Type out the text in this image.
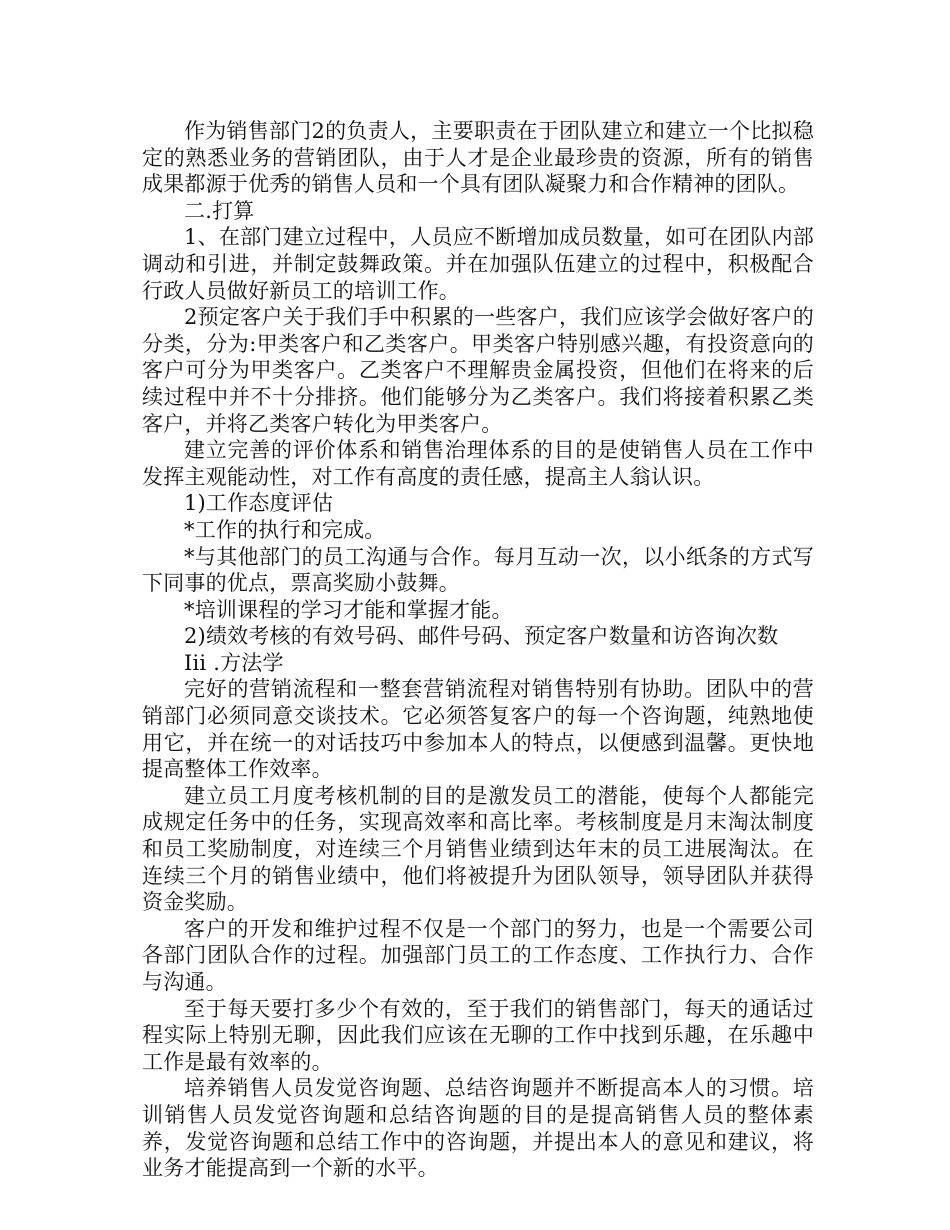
作为销售部门2的负责人，主要职责在于团队建立和建立一个比拟稳定的熟悉业务的营销团队，由于人才是企业最珍贵的资源，所有的销售成果都源于优秀的销售人员和一个具有团队凝聚力和合作精神的团队。

二.打算

1、在部门建立过程中，人员应不断增加成员数量，如可在团队内部调动和引进，并制定鼓舞政策。并在加强队伍建立的过程中，积极配合行政人员做好新员工的培训工作。

2预定客户关于我们手中积累的一些客户，我们应该学会做好客户的分类，分为:甲类客户和乙类客户。甲类客户特别感兴趣，有投资意向的客户可分为甲类客户。乙类客户不理解贵金属投资，但他们在将来的后续过程中并不十分排挤。他们能够分为乙类客户。我们将接着积累乙类客户，并将乙类客户转化为甲类客户。

建立完善的评价体系和销售治理体系的目的是使销售人员在工作中发挥主观能动性，对工作有高度的责任感，提高主人翁认识。

1)工作态度评估

*工作的执行和完成。

*与其他部门的员工沟通与合作。每月互动一次，以小纸条的方式写下同事的优点，票高奖励小鼓舞。

*培训课程的学习才能和掌握才能。

2)绩效考核的有效号码、邮件号码、预定客户数量和访咨询次数

Iii .方法学

完好的营销流程和一整套营销流程对销售特别有协助。团队中的营销部门必须同意交谈技术。它必须答复客户的每一个咨询题，纯熟地使用它，并在统一的对话技巧中参加本人的特点，以便感到温馨。更快地提高整体工作效率。

建立员工月度考核机制的目的是激发员工的潜能，使每个人都能完成规定任务中的任务，实现高效率和高比率。考核制度是月末淘汰制度和员工奖励制度，对连续三个月销售业绩到达年末的员工进展淘汰。在连续三个月的销售业绩中，他们将被提升为团队领导，领导团队并获得资金奖励。

客户的开发和维护过程不仅是一个部门的努力，也是一个需要公司各部门团队合作的过程。加强部门员工的工作态度、工作执行力、合作与沟通。

至于每天要打多少个有效的，至于我们的销售部门，每天的通话过程实际上特别无聊，因此我们应该在无聊的工作中找到乐趣，在乐趣中工作是最有效率的。

培养销售人员发觉咨询题、总结咨询题并不断提高本人的习惯。培训销售人员发觉咨询题和总结咨询题的目的是提高销售人员的整体素养，发觉咨询题和总结工作中的咨询题，并提出本人的意见和建议，将业务才能提高到一个新的水平。
